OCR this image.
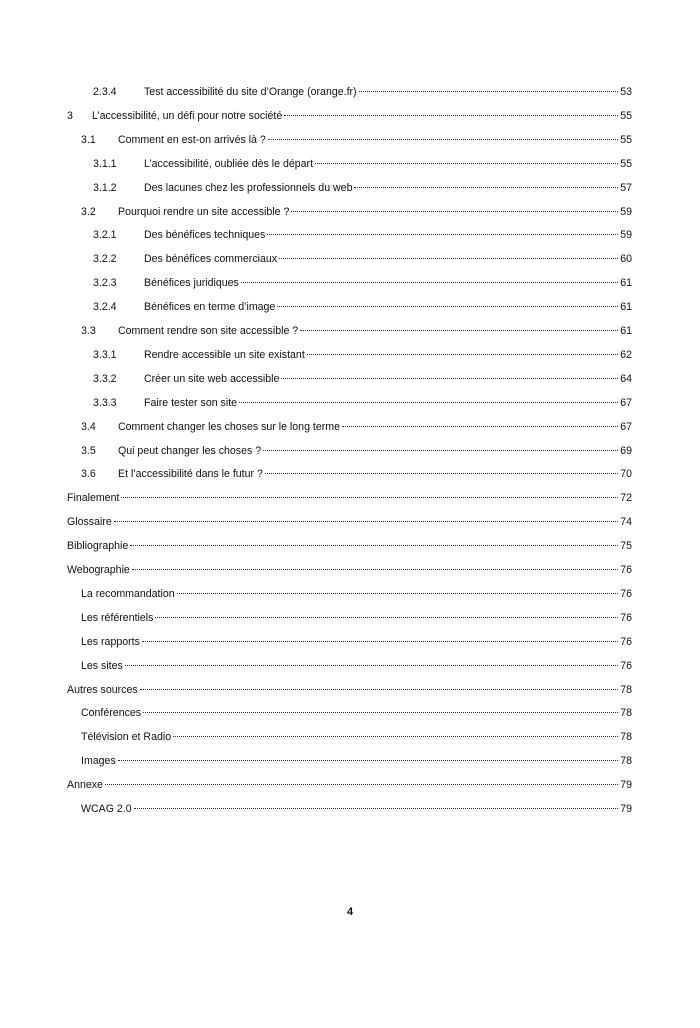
2.3.4	Test accessibilité du site d’Orange (orange.fr)	53
3	L’accessibilité, un défi pour notre société	55
3.1	Comment en est-on arrivés là ?	55
3.1.1	L’accessibilité, oubliée dès le départ	55
3.1.2	Des lacunes chez les professionnels du web	57
3.2	Pourquoi rendre un site accessible ?	59
3.2.1	Des bénéfices techniques	59
3.2.2	Des bénéfices commerciaux	60
3.2.3	Bénéfices juridiques	61
3.2.4	Bénéfices en terme d’image	61
3.3	Comment rendre son site accessible ?	61
3.3.1	Rendre accessible un site existant	62
3.3.2	Créer un site web accessible	64
3.3.3	Faire tester son site	67
3.4	Comment changer les choses sur le long terme	67
3.5	Qui peut changer les choses ?	69
3.6	Et l’accessibilité dans le futur ?	70
Finalement	72
Glossaire	74
Bibliographie	75
Webographie	76
La recommandation	76
Les référentiels	76
Les rapports	76
Les sites	76
Autres sources	78
Conférences	78
Télévision et Radio	78
Images	78
Annexe	79
WCAG 2.0	79
4
